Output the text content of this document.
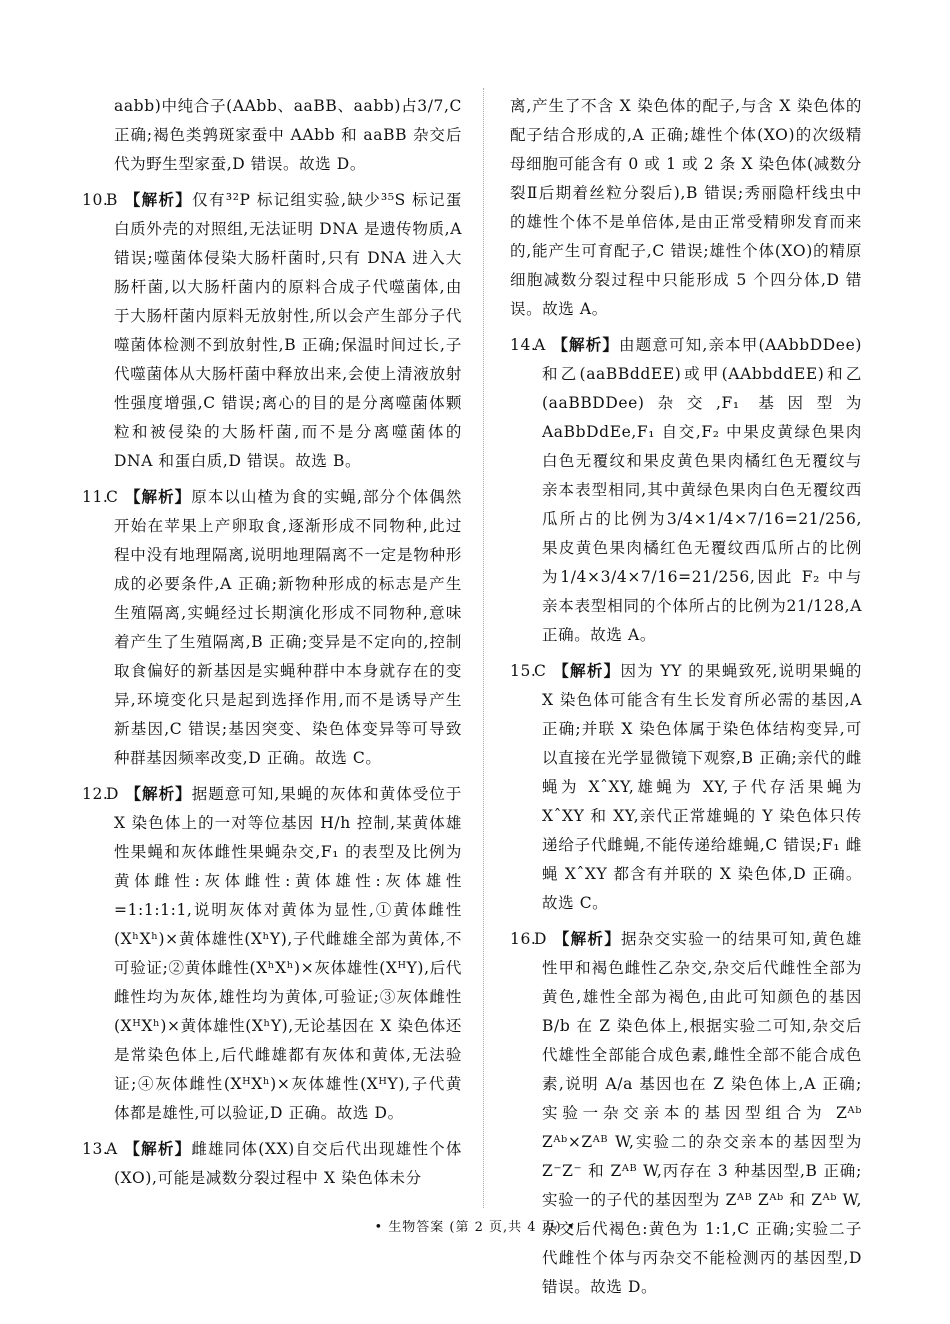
aabb)中纯合子(AAbb、aaBB、aabb)占3/7,C 正确;褐色类鹑斑家蚕中 AAbb 和 aaBB 杂交后代为野生型家蚕,D 错误。故选 D。

10.B 【解析】仅有³²P 标记组实验,缺少³⁵S 标记蛋白质外壳的对照组,无法证明 DNA 是遗传物质,A 错误;噬菌体侵染大肠杆菌时,只有 DNA 进入大肠杆菌,以大肠杆菌内的原料合成子代噬菌体,由于大肠杆菌内原料无放射性,所以会产生部分子代噬菌体检测不到放射性,B 正确;保温时间过长,子代噬菌体从大肠杆菌中释放出来,会使上清液放射性强度增强,C 错误;离心的目的是分离噬菌体颗粒和被侵染的大肠杆菌,而不是分离噬菌体的 DNA 和蛋白质,D 错误。故选 B。

11.C 【解析】原本以山楂为食的实蝇,部分个体偶然开始在苹果上产卵取食,逐渐形成不同物种,此过程中没有地理隔离,说明地理隔离不一定是物种形成的必要条件,A 正确;新物种形成的标志是产生生殖隔离,实蝇经过长期演化形成不同物种,意味着产生了生殖隔离,B 正确;变异是不定向的,控制取食偏好的新基因是实蝇种群中本身就存在的变异,环境变化只是起到选择作用,而不是诱导产生新基因,C 错误;基因突变、染色体变异等可导致种群基因频率改变,D 正确。故选 C。

12.D 【解析】据题意可知,果蝇的灰体和黄体受位于 X 染色体上的一对等位基因 H/h 控制,某黄体雄性果蝇和灰体雌性果蝇杂交,F₁ 的表型及比例为黄体雌性:灰体雌性:黄体雄性:灰体雄性=1:1:1:1,说明灰体对黄体为显性,①黄体雌性(XʰXʰ)×黄体雄性(XʰY),子代雌雄全部为黄体,不可验证;②黄体雌性(XʰXʰ)×灰体雄性(XᴴY),后代雌性均为灰体,雄性均为黄体,可验证;③灰体雌性(XᴴXʰ)×黄体雄性(XʰY),无论基因在 X 染色体还是常染色体上,后代雌雄都有灰体和黄体,无法验证;④灰体雌性(XᴴXʰ)×灰体雄性(XᴴY),子代黄体都是雄性,可以验证,D 正确。故选 D。

13.A 【解析】雌雄同体(XX)自交后代出现雄性个体(XO),可能是减数分裂过程中 X 染色体未分

离,产生了不含 X 染色体的配子,与含 X 染色体的配子结合形成的,A 正确;雄性个体(XO)的次级精母细胞可能含有 0 或 1 或 2 条 X 染色体(减数分裂Ⅱ后期着丝粒分裂后),B 错误;秀丽隐杆线虫中的雄性个体不是单倍体,是由正常受精卵发育而来的,能产生可育配子,C 错误;雄性个体(XO)的精原细胞减数分裂过程中只能形成 5 个四分体,D 错误。故选 A。

14.A 【解析】由题意可知,亲本甲(AAbbDDee)和乙(aaBBddEE)或甲(AAbbddEE)和乙(aaBBDDee)杂交,F₁ 基因型为 AaBbDdEe,F₁ 自交,F₂ 中果皮黄绿色果肉白色无覆纹和果皮黄色果肉橘红色无覆纹与亲本表型相同,其中黄绿色果肉白色无覆纹西瓜所占的比例为3/4×1/4×7/16=21/256,果皮黄色果肉橘红色无覆纹西瓜所占的比例为1/4×3/4×7/16=21/256,因此 F₂ 中与亲本表型相同的个体所占的比例为21/128,A 正确。故选 A。

15.C 【解析】因为 YY 的果蝇致死,说明果蝇的 X 染色体可能含有生长发育所必需的基因,A 正确;并联 X 染色体属于染色体结构变异,可以直接在光学显微镜下观察,B 正确;亲代的雌蝇为 XˆXY,雄蝇为 XY,子代存活果蝇为 XˆXY 和 XY,亲代正常雄蝇的 Y 染色体只传递给子代雌蝇,不能传递给雄蝇,C 错误;F₁ 雌蝇 XˆXY 都含有并联的 X 染色体,D 正确。故选 C。

16.D 【解析】据杂交实验一的结果可知,黄色雄性甲和褐色雌性乙杂交,杂交后代雌性全部为黄色,雄性全部为褐色,由此可知颜色的基因 B/b 在 Z 染色体上,根据实验二可知,杂交后代雄性全部能合成色素,雌性全部不能合成色素,说明 A/a 基因也在 Z 染色体上,A 正确;实验一杂交亲本的基因型组合为 Zᴬᵇ Zᴬᵇ×Zᴬᴮ W,实验二的杂交亲本的基因型为 Z⁻Z⁻ 和 Zᴬᴮ W,丙存在 3 种基因型,B 正确;实验一的子代的基因型为 Zᴬᴮ Zᴬᵇ 和 Zᴬᵇ W,杂交后代褐色:黄色为 1:1,C 正确;实验二子代雌性个体与丙杂交不能检测丙的基因型,D 错误。故选 D。

• 生物答案 (第 2 页,共 4 页) •
